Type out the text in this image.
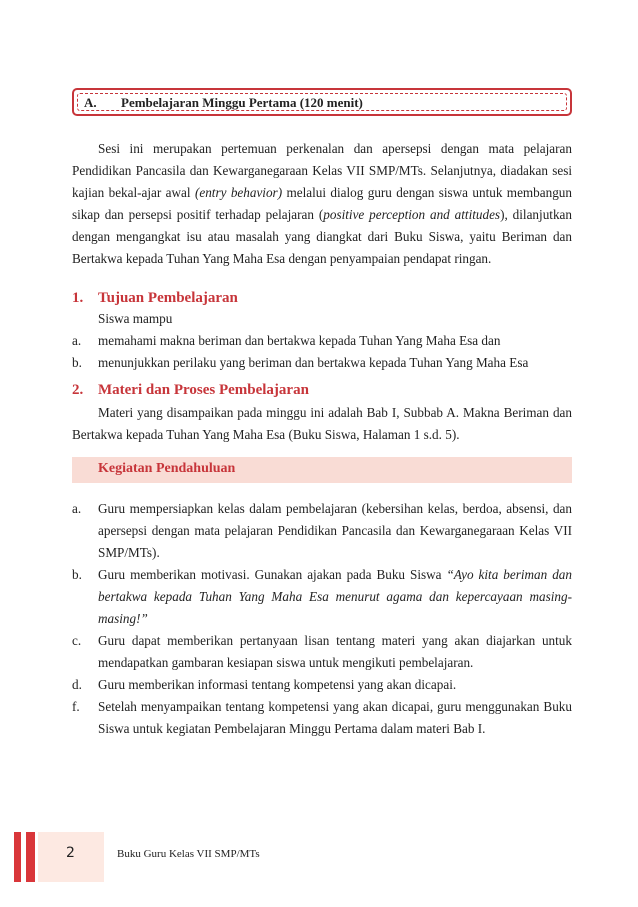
A. Pembelajaran Minggu Pertama (120 menit)
Sesi ini merupakan pertemuan perkenalan dan apersepsi dengan mata pelajaran Pendidikan Pancasila dan Kewarganegaraan Kelas VII SMP/MTs. Selanjutnya, diadakan sesi kajian bekal-ajar awal (entry behavior) melalui dialog guru dengan siswa untuk membangun sikap dan persepsi positif terhadap pelajaran (positive perception and attitudes), dilanjutkan dengan mengangkat isu atau masalah yang diangkat dari Buku Siswa, yaitu Beriman dan Bertakwa kepada Tuhan Yang Maha Esa dengan penyampaian pendapat ringan.
1. Tujuan Pembelajaran
Siswa mampu
a. memahami makna beriman dan bertakwa kepada Tuhan Yang Maha Esa dan
b. menunjukkan perilaku yang beriman dan bertakwa kepada Tuhan Yang Maha Esa
2. Materi dan Proses Pembelajaran
Materi yang disampaikan pada minggu ini adalah Bab I, Subbab A. Makna Beriman dan Bertakwa kepada Tuhan Yang Maha Esa (Buku Siswa, Halaman 1 s.d. 5).
Kegiatan Pendahuluan
a. Guru mempersiapkan kelas dalam pembelajaran (kebersihan kelas, berdoa, absensi, dan apersepsi dengan mata pelajaran Pendidikan Pancasila dan Kewarganegaraan Kelas VII SMP/MTs).
b. Guru memberikan motivasi. Gunakan ajakan pada Buku Siswa “Ayo kita beriman dan bertakwa kepada Tuhan Yang Maha Esa menurut agama dan kepercayaan masing-masing!”
c. Guru dapat memberikan pertanyaan lisan tentang materi yang akan diajarkan untuk mendapatkan gambaran kesiapan siswa untuk mengikuti pembelajaran.
d. Guru memberikan informasi tentang kompetensi yang akan dicapai.
f. Setelah menyampaikan tentang kompetensi yang akan dicapai, guru menggunakan Buku Siswa untuk kegiatan Pembelajaran Minggu Pertama dalam materi Bab I.
2	Buku Guru Kelas VII SMP/MTs
